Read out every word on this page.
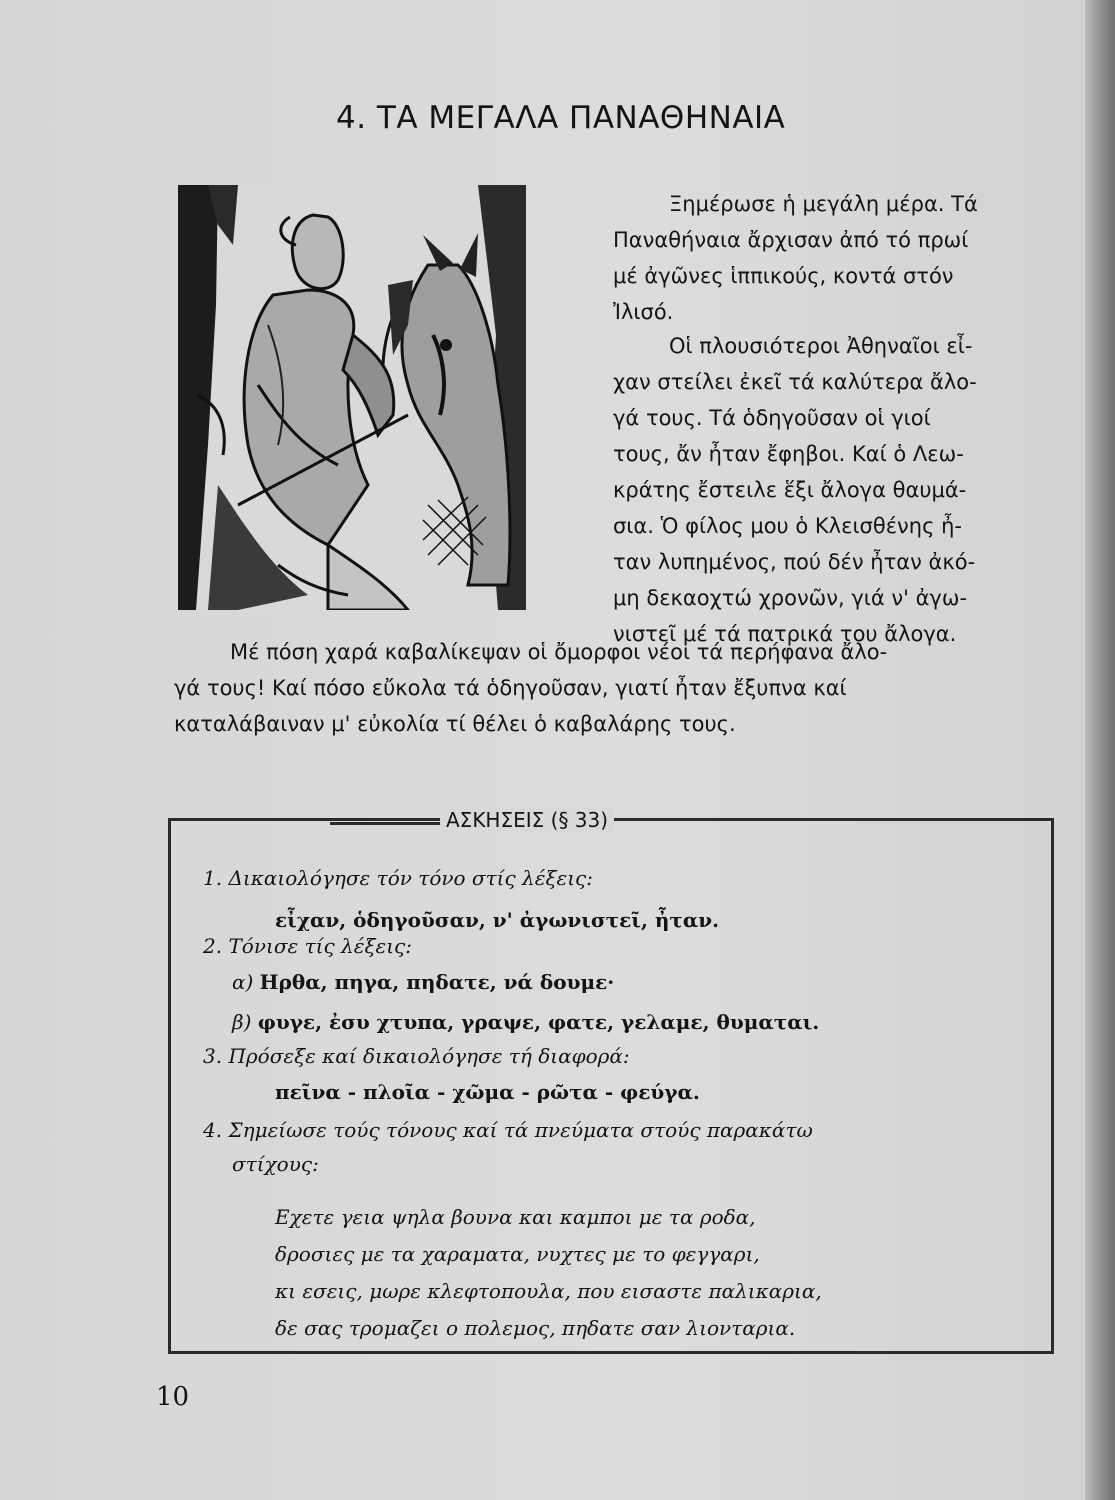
4. ΤΑ ΜΕΓΑΛΑ ΠΑΝΑΘΗΝΑΙΑ
Ξημέρωσε ἡ μεγάλη μέρα. Τά
Παναθήναια ἄρχισαν ἀπό τό πρωί
μέ ἀγῶνες ἱππικούς, κοντά στόν
Ἰλισό.
Οἱ πλουσιότεροι Ἀθηναῖοι εἶ-
χαν στείλει ἐκεῖ τά καλύτερα ἄλο-
γά τους. Τά ὁδηγοῦσαν οἱ γιοί
τους, ἄν ἦταν ἔφηβοι. Καί ὁ Λεω-
κράτης ἔστειλε ἕξι ἄλογα θαυμά-
σια. Ὁ φίλος μου ὁ Κλεισθένης ἦ-
ταν λυπημένος, πού δέν ἦταν ἀκό-
μη δεκαοχτώ χρονῶν, γιά ν' ἀγω-
νιστεῖ μέ τά πατρικά του ἄλογα.
Μέ πόση χαρά καβαλίκεψαν οἱ ὄμορφοι νέοι τά περήφανα ἄλο-
γά τους! Καί πόσο εὔκολα τά ὁδηγοῦσαν, γιατί ἦταν ἔξυπνα καί
καταλάβαιναν μ' εὐκολία τί θέλει ὁ καβαλάρης τους.
ΑΣΚΗΣΕΙΣ (§ 33)
1. Δικαιολόγησε τόν τόνο στίς λέξεις:
εἶχαν, ὁδηγοῦσαν, ν' ἀγωνιστεῖ, ἦταν.
2. Τόνισε τίς λέξεις:
α) Ηρθα, πηγα, πηδατε, νά δουμε·
β) φυγε, ἐσυ χτυπα, γραψε, φατε, γελαμε, θυμαται.
3. Πρόσεξε καί δικαιολόγησε τή διαφορά:
πεῖνα - πλοῖα - χῶμα - ρῶτα - φεύγα.
4. Σημείωσε τούς τόνους καί τά πνεύματα στούς παρακάτω
στίχους:
Εχετε γεια ψηλα βουνα και καμποι με τα ροδα,
δροσιες με τα χαραματα, νυχτες με το φεγγαρι,
κι εσεις, μωρε κλεφτοπουλα, που εισαστε παλικαρια,
δε σας τρομαζει ο πολεμος, πηδατε σαν λιονταρια.
10
